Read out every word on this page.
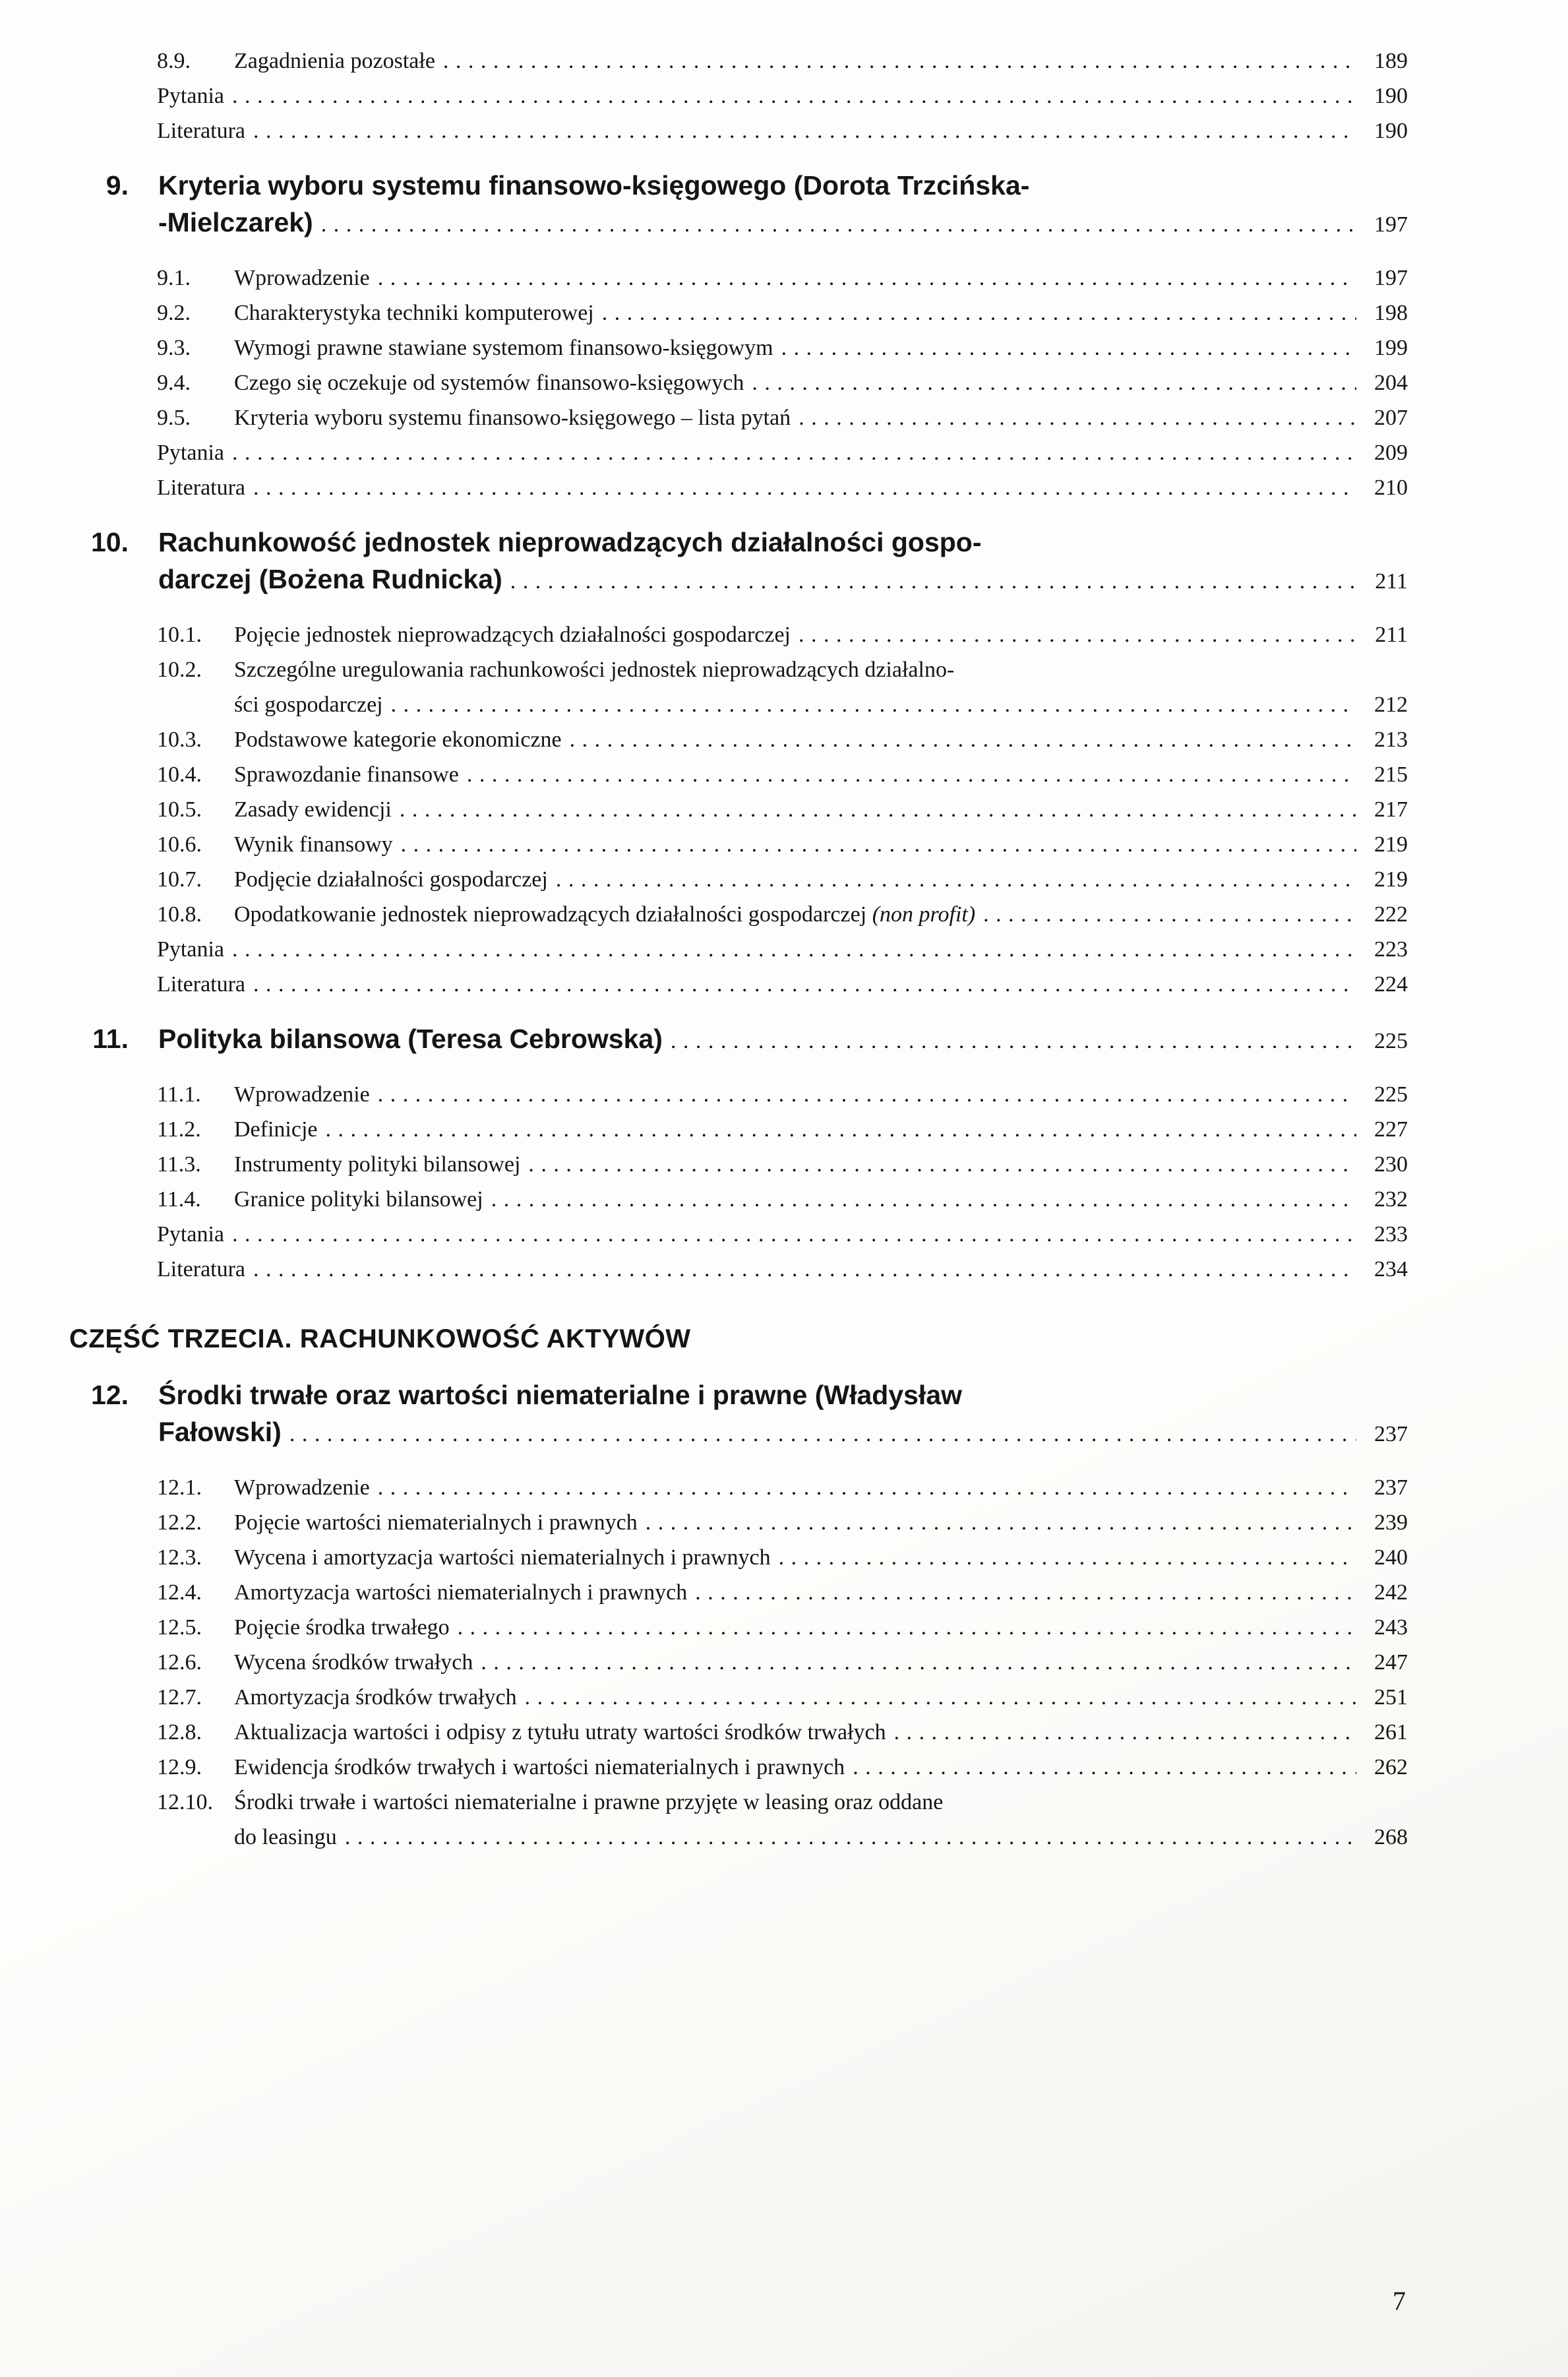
8.9.	Zagadnienia pozostałe . . .	189
Pytania . . .	190
Literatura . . .	190
9. Kryteria wyboru systemu finansowo-księgowego (Dorota Trzcińska-
-Mielczarek) . . .	197
9.1.	Wprowadzenie . . .	197
9.2.	Charakterystyka techniki komputerowej . . .	198
9.3.	Wymogi prawne stawiane systemom finansowo-księgowym . . .	199
9.4.	Czego się oczekuje od systemów finansowo-księgowych . . .	204
9.5.	Kryteria wyboru systemu finansowo-księgowego – lista pytań . . .	207
Pytania . . .	209
Literatura . . .	210
10. Rachunkowość jednostek nieprowadzących działalności gospo-
darczej (Bożena Rudnicka) . . .	211
10.1.	Pojęcie jednostek nieprowadzących działalności gospodarczej . . .	211
10.2.	Szczególne uregulowania rachunkowości jednostek nieprowadzących działalno-
ści gospodarczej . . .	212
10.3.	Podstawowe kategorie ekonomiczne . . .	213
10.4.	Sprawozdanie finansowe . . .	215
10.5.	Zasady ewidencji . . .	217
10.6.	Wynik finansowy . . .	219
10.7.	Podjęcie działalności gospodarczej . . .	219
10.8.	Opodatkowanie jednostek nieprowadzących działalności gospodarczej (non profit) . . .	222
Pytania . . .	223
Literatura . . .	224
11. Polityka bilansowa (Teresa Cebrowska) . . .	225
11.1.	Wprowadzenie . . .	225
11.2.	Definicje . . .	227
11.3.	Instrumenty polityki bilansowej . . .	230
11.4.	Granice polityki bilansowej . . .	232
Pytania . . .	233
Literatura . . .	234
CZĘŚĆ TRZECIA. RACHUNKOWOŚĆ AKTYWÓW
12. Środki trwałe oraz wartości niematerialne i prawne (Władysław
Fałowski) . . .	237
12.1.	Wprowadzenie . . .	237
12.2.	Pojęcie wartości niematerialnych i prawnych . . .	239
12.3.	Wycena i amortyzacja wartości niematerialnych i prawnych . . .	240
12.4.	Amortyzacja wartości niematerialnych i prawnych . . .	242
12.5.	Pojęcie środka trwałego . . .	243
12.6.	Wycena środków trwałych . . .	247
12.7.	Amortyzacja środków trwałych . . .	251
12.8.	Aktualizacja wartości i odpisy z tytułu utraty wartości środków trwałych . . .	261
12.9.	Ewidencja środków trwałych i wartości niematerialnych i prawnych . . .	262
12.10. Środki trwałe i wartości niematerialne i prawne przyjęte w leasing oraz oddane
do leasingu . . .	268
7
